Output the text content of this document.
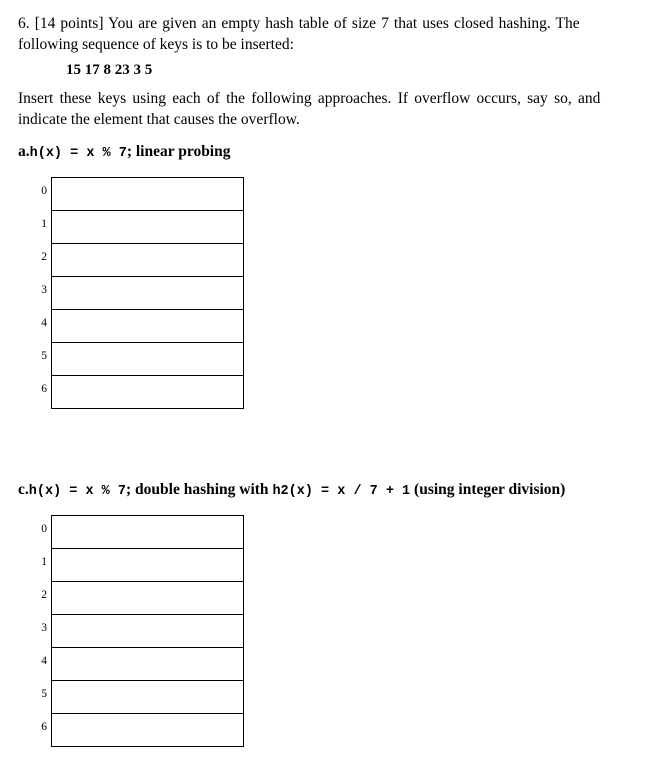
6. [14 points] You are given an empty hash table of size 7 that uses closed hashing. The

following sequence of keys is to be inserted:

15 17 8 23 3 5

Insert these keys using each of the following approaches. If overflow occurs, say so, and

indicate the element that causes the overflow.

a.h(x) = x % 7; linear probing
0
1
2
3
4
5
6
c.h(x) = x % 7; double hashing with h2(x) = x / 7 + 1 (using integer division)
0
1
2
3
4
5
6
